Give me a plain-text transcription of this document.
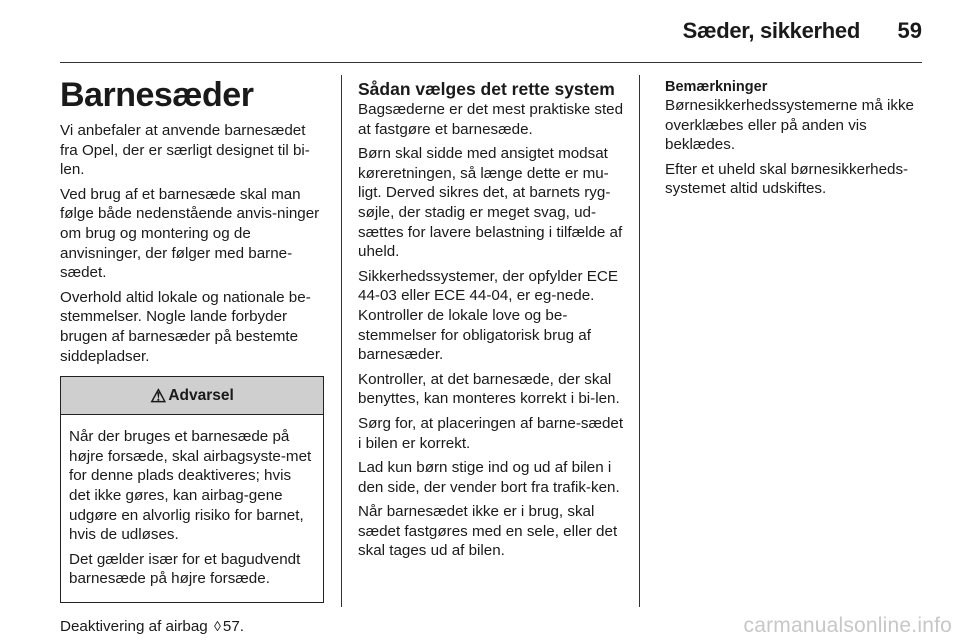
Sæder, sikkerhed 59
Barnesæder

Vi anbefaler at anvende barnesædet fra Opel, der er særligt designet til bi-len.

Ved brug af et barnesæde skal man følge både nedenstående anvis-ninger om brug og montering og de anvisninger, der følger med barne-sædet.

Overhold altid lokale og nationale be-stemmelser. Nogle lande forbyder brugen af barnesæder på bestemte siddepladser.

⚠ Advarsel

Når der bruges et barnesæde på højre forsæde, skal airbagsyste-met for denne plads deaktiveres; hvis det ikke gøres, kan airbag-gene udgøre en alvorlig risiko for barnet, hvis de udløses.

Det gælder især for et bagudvendt barnesæde på højre forsæde.

Deaktivering af airbag ◊ 57.

Sådan vælges det rette system

Bagsæderne er det mest praktiske sted at fastgøre et barnesæde.

Børn skal sidde med ansigtet modsat køreretningen, så længe dette er mu-ligt. Derved sikres det, at barnets ryg-søjle, der stadig er meget svag, ud-sættes for lavere belastning i tilfælde af uheld.

Sikkerhedssystemer, der opfylder ECE 44-03 eller ECE 44-04, er eg-nede. Kontroller de lokale love og be-stemmelser for obligatorisk brug af barnesæder.

Kontroller, at det barnesæde, der skal benyttes, kan monteres korrekt i bi-len.

Sørg for, at placeringen af barne-sædet i bilen er korrekt.

Lad kun børn stige ind og ud af bilen i den side, der vender bort fra trafik-ken.

Når barnesædet ikke er i brug, skal sædet fastgøres med en sele, eller det skal tages ud af bilen.

Bemærkninger

Børnesikkerhedssystemerne må ikke overklæbes eller på anden vis beklædes.

Efter et uheld skal børnesikkerheds-systemet altid udskiftes.

carmanualsonline.info
